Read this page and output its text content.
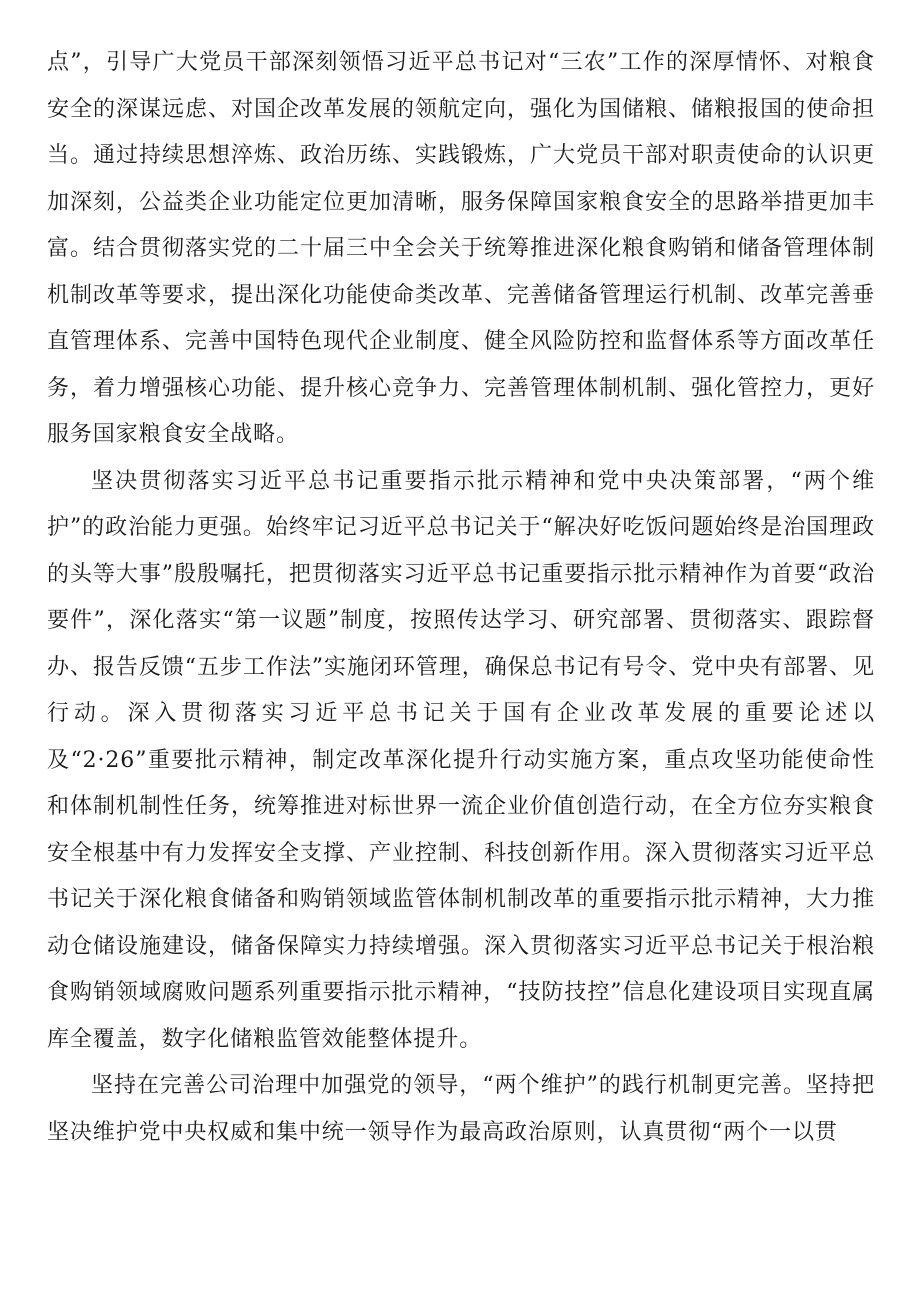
点”，引导广大党员干部深刻领悟习近平总书记对“三农”工作的深厚情怀、对粮食安全的深谋远虑、对国企改革发展的领航定向，强化为国储粮、储粮报国的使命担当。通过持续思想淬炼、政治历练、实践锻炼，广大党员干部对职责使命的认识更加深刻，公益类企业功能定位更加清晰，服务保障国家粮食安全的思路举措更加丰富。结合贯彻落实党的二十届三中全会关于统筹推进深化粮食购销和储备管理体制机制改革等要求，提出深化功能使命类改革、完善储备管理运行机制、改革完善垂直管理体系、完善中国特色现代企业制度、健全风险防控和监督体系等方面改革任务，着力增强核心功能、提升核心竞争力、完善管理体制机制、强化管控力，更好服务国家粮食安全战略。

坚决贯彻落实习近平总书记重要指示批示精神和党中央决策部署，“两个维护”的政治能力更强。始终牢记习近平总书记关于“解决好吃饭问题始终是治国理政的头等大事”殷殷嘱托，把贯彻落实习近平总书记重要指示批示精神作为首要“政治要件”，深化落实“第一议题”制度，按照传达学习、研究部署、贯彻落实、跟踪督办、报告反馈“五步工作法”实施闭环管理，确保总书记有号令、党中央有部署、见行动。深入贯彻落实习近平总书记关于国有企业改革发展的重要论述以及“2·26”重要批示精神，制定改革深化提升行动实施方案，重点攻坚功能使命性和体制机制性任务，统筹推进对标世界一流企业价值创造行动，在全方位夯实粮食安全根基中有力发挥安全支撑、产业控制、科技创新作用。深入贯彻落实习近平总书记关于深化粮食储备和购销领域监管体制机制改革的重要指示批示精神，大力推动仓储设施建设，储备保障实力持续增强。深入贯彻落实习近平总书记关于根治粮食购销领域腐败问题系列重要指示批示精神，“技防技控”信息化建设项目实现直属库全覆盖，数字化储粮监管效能整体提升。

坚持在完善公司治理中加强党的领导，“两个维护”的践行机制更完善。坚持把坚决维护党中央权威和集中统一领导作为最高政治原则，认真贯彻“两个一以贯
